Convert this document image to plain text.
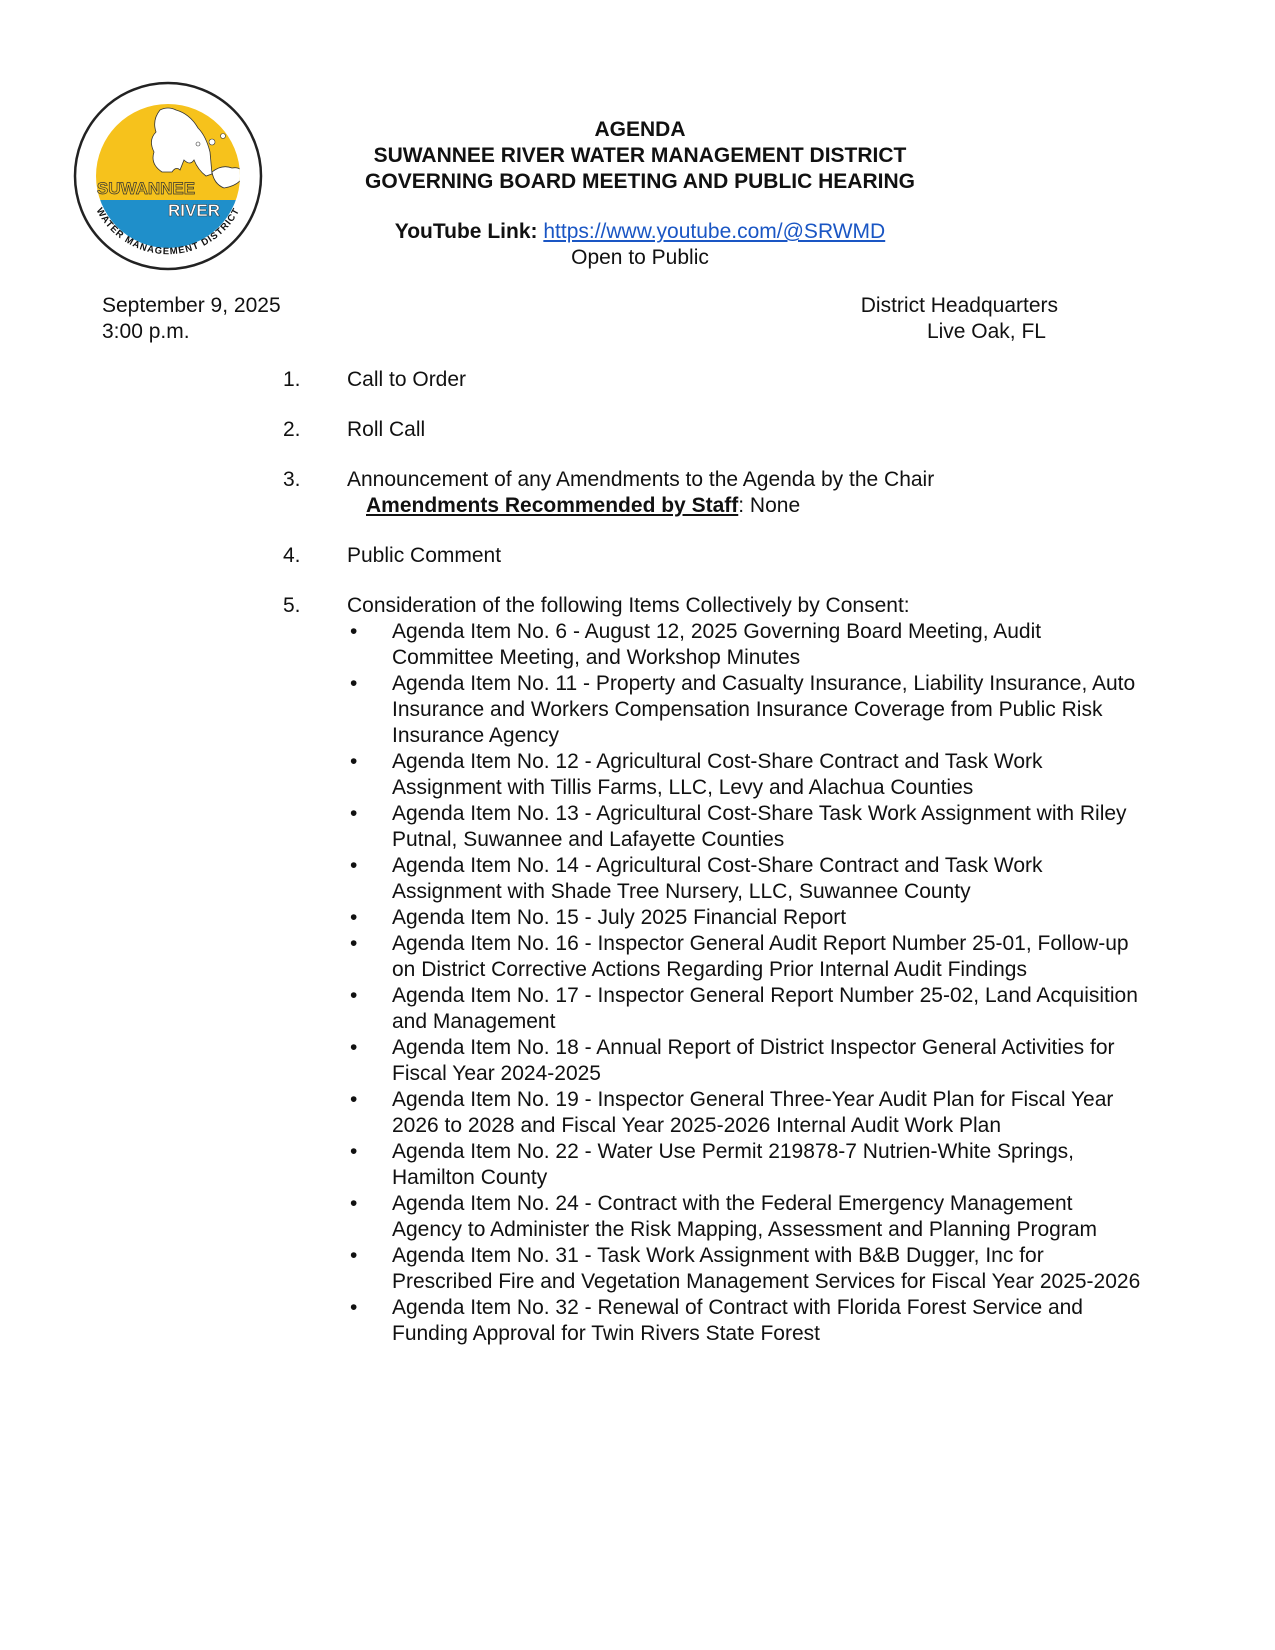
SUWANNEE
RIVER
WATER MANAGEMENT DISTRICT

AGENDA

SUWANNEE RIVER WATER MANAGEMENT DISTRICT

GOVERNING BOARD MEETING AND PUBLIC HEARING

YouTube Link: https://www.youtube.com/@SRWMD
Open to Public
September 9, 2025
3:00 p.m.
District Headquarters
Live Oak, FL
1.	Call to Order
2.	Roll Call
3.	Announcement of any Amendments to the Agenda by the Chair
Amendments Recommended by Staff: None
4.	Public Comment
5.	Consideration of the following Items Collectively by Consent:
•	Agenda Item No. 6 - August 12, 2025 Governing Board Meeting, Audit Committee Meeting, and Workshop Minutes
•	Agenda Item No. 11 - Property and Casualty Insurance, Liability Insurance, Auto Insurance and Workers Compensation Insurance Coverage from Public Risk Insurance Agency
•	Agenda Item No. 12 - Agricultural Cost-Share Contract and Task Work Assignment with Tillis Farms, LLC, Levy and Alachua Counties
•	Agenda Item No. 13 - Agricultural Cost-Share Task Work Assignment with Riley Putnal, Suwannee and Lafayette Counties
•	Agenda Item No. 14 - Agricultural Cost-Share Contract and Task Work Assignment with Shade Tree Nursery, LLC, Suwannee County
•	Agenda Item No. 15 - July 2025 Financial Report
•	Agenda Item No. 16 - Inspector General Audit Report Number 25-01, Follow-up on District Corrective Actions Regarding Prior Internal Audit Findings
•	Agenda Item No. 17 - Inspector General Report Number 25-02, Land Acquisition and Management
•	Agenda Item No. 18 - Annual Report of District Inspector General Activities for Fiscal Year 2024-2025
•	Agenda Item No. 19 - Inspector General Three-Year Audit Plan for Fiscal Year 2026 to 2028 and Fiscal Year 2025-2026 Internal Audit Work Plan
•	Agenda Item No. 22 - Water Use Permit 219878-7 Nutrien-White Springs, Hamilton County
•	Agenda Item No. 24 - Contract with the Federal Emergency Management Agency to Administer the Risk Mapping, Assessment and Planning Program
•	Agenda Item No. 31 - Task Work Assignment with B&B Dugger, Inc for Prescribed Fire and Vegetation Management Services for Fiscal Year 2025-2026
•	Agenda Item No. 32 - Renewal of Contract with Florida Forest Service and Funding Approval for Twin Rivers State Forest
